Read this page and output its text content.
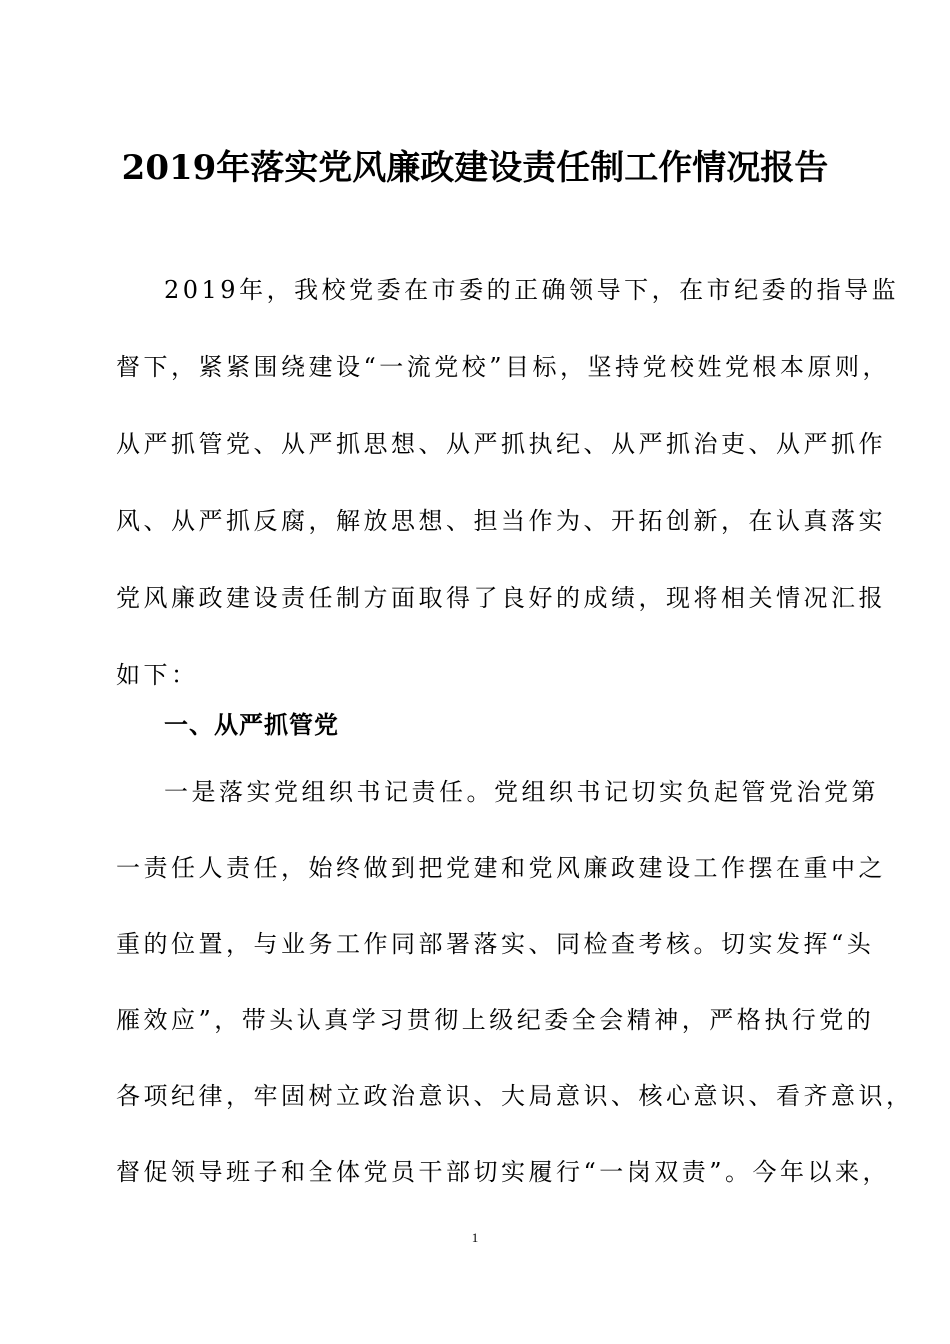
2019年落实党风廉政建设责任制工作情况报告
2019年，我校党委在市委的正确领导下，在市纪委的指导监
督下，紧紧围绕建设“一流党校”目标，坚持党校姓党根本原则，
从严抓管党、从严抓思想、从严抓执纪、从严抓治吏、从严抓作
风、从严抓反腐，解放思想、担当作为、开拓创新，在认真落实
党风廉政建设责任制方面取得了良好的成绩，现将相关情况汇报
如下：
一、从严抓管党
一是落实党组织书记责任。党组织书记切实负起管党治党第
一责任人责任，始终做到把党建和党风廉政建设工作摆在重中之
重的位置，与业务工作同部署落实、同检查考核。切实发挥“头
雁效应”，带头认真学习贯彻上级纪委全会精神，严格执行党的
各项纪律，牢固树立政治意识、大局意识、核心意识、看齐意识，
督促领导班子和全体党员干部切实履行“一岗双责”。今年以来，
1
